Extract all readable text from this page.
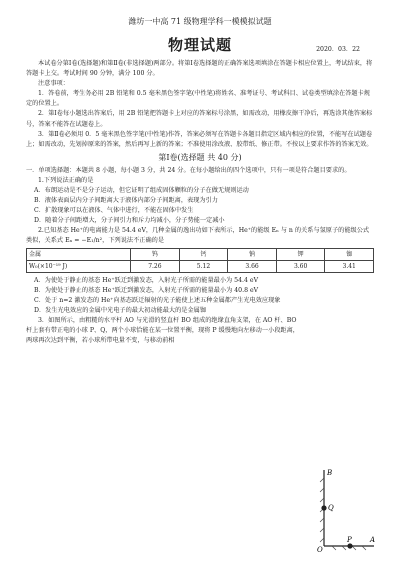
潍坊一中高 71 级物理学科一模模拟试题
物理试题	2020．03．22

本试卷分第Ⅰ卷(选择题)和第Ⅱ卷(非选择题)两部分。将第Ⅰ卷选择题的正确答案选项填涂在答题卡相应位置上，考试结束，将答题卡上交。考试时间 90 分钟，满分 100 分。

注意事项：

1．答卷前，考生务必用 2B 铅笔和 0.5 毫米黑色签字笔(中性笔)将姓名、准考证号、考试科目、试卷类型填涂在答题卡规定的位置上。

2．第Ⅰ卷每小题选出答案后，用 2B 铅笔把答题卡上对应的答案标号涂黑，如需改动，用橡皮擦干净后，再选涂其他答案标号，答案不能答在试题卷上。

3．第Ⅱ卷必须用 0．5 毫米黑色签字笔(中性笔)作答，答案必须写在答题卡各题目指定区域内相应的位置，不能写在试题卷上；如需改动，先划掉原来的答案，然后再写上新的答案；不准使用涂改液、胶带纸、修正带。不按以上要求作答的答案无效。

第Ⅰ卷(选择题 共 40 分)

一．单项选择题：本题共 8 小题，每小题 3 分，共 24 分。在每小题给出的四个选项中，只有一项是符合题目要求的。

1.下列说法正确的是

A．布朗运动是不是分子运动，但它证明了组成固体颗粒的分子在做无规则运动

B．液体表面层内分子间距离大于液体内部分子间距离，表现为引力

C．扩散现象可以在液体、气体中进行，不能在固体中发生

D．随着分子间距增大，分子间引力和斥力均减小，分子势能一定减小

2.已知基态 He⁺的电离能力是 54.4 eV，几种金属的逸出功如下表所示，He⁺的能级 Eₙ 与 n 的关系与氢原子的能级公式类似，关系式 Eₙ = −E₁/n²，下列说法不正确的是

金属	钨	钙	钠	钾	铷
W₀(×10⁻¹⁹ J)	7.26	5.12	3.66	3.60	3.41

A．为使处于静止的基态 He⁺跃迁到激发态，入射光子所需的能量最小为 54.4 eV

B．为使处于静止的基态 He⁺跃迁到激发态，入射光子所需的能量最小为 40.8 eV

C．处于 n=2 激发态的 He⁺向基态跃迁辐射的光子能使上述五种金属都产生光电效应现象

D．发生光电效应的金属中光电子的最大初动能最大的是金属铷

3．如图所示，由粗糙的水平杆 AO 与光滑的竖直杆 BO 组成的绝缘直角支架，在 AO 杆、BO 杆上套有带正电的小球 P、Q，两个小球恰能在某一位置平衡，现将 P 缓慢地向左移动一小段距离，两球再次达到平衡，若小球所带电量不变，与移动前相

B
Q
A
P
O
